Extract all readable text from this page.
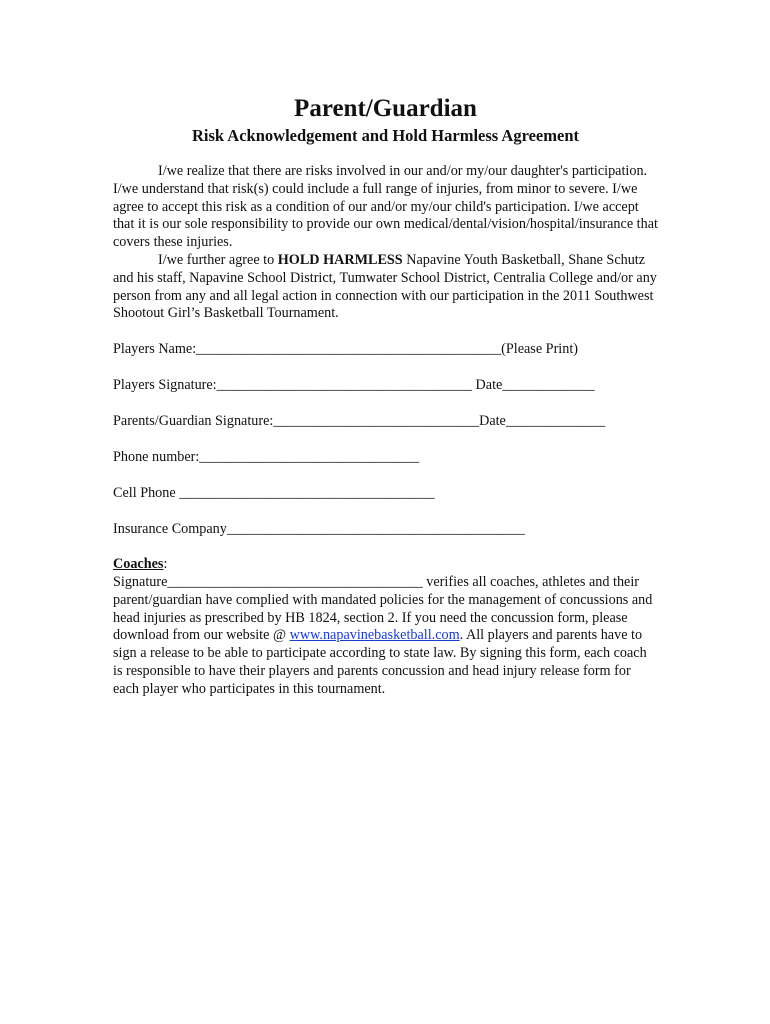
Parent/Guardian
Risk Acknowledgement and Hold Harmless Agreement

I/we realize that there are risks involved in our and/or my/our daughter's participation. I/we understand that risk(s) could include a full range of injuries, from minor to severe. I/we agree to accept this risk as a condition of our and/or my/our child's participation. I/we accept that it is our sole responsibility to provide our own medical/dental/vision/hospital/insurance that covers these injuries.

I/we further agree to HOLD HARMLESS Napavine Youth Basketball, Shane Schutz and his staff, Napavine School District, Tumwater School District, Centralia College and/or any person from any and all legal action in connection with our participation in the 2011 Southwest Shootout Girl’s Basketball Tournament.

Players Name:___________________________________________(Please Print)
Players Signature:____________________________________ Date_____________
Parents/Guardian Signature:_____________________________Date______________
Phone number:_______________________________
Cell Phone ____________________________________
Insurance Company__________________________________________

Coaches:
Signature____________________________________ verifies all coaches, athletes and their parent/guardian have complied with mandated policies for the management of concussions and head injuries as prescribed by HB 1824, section 2. If you need the concussion form, please download from our website @ www.napavinebasketball.com. All players and parents have to sign a release to be able to participate according to state law. By signing this form, each coach is responsible to have their players and parents concussion and head injury release form for each player who participates in this tournament.
